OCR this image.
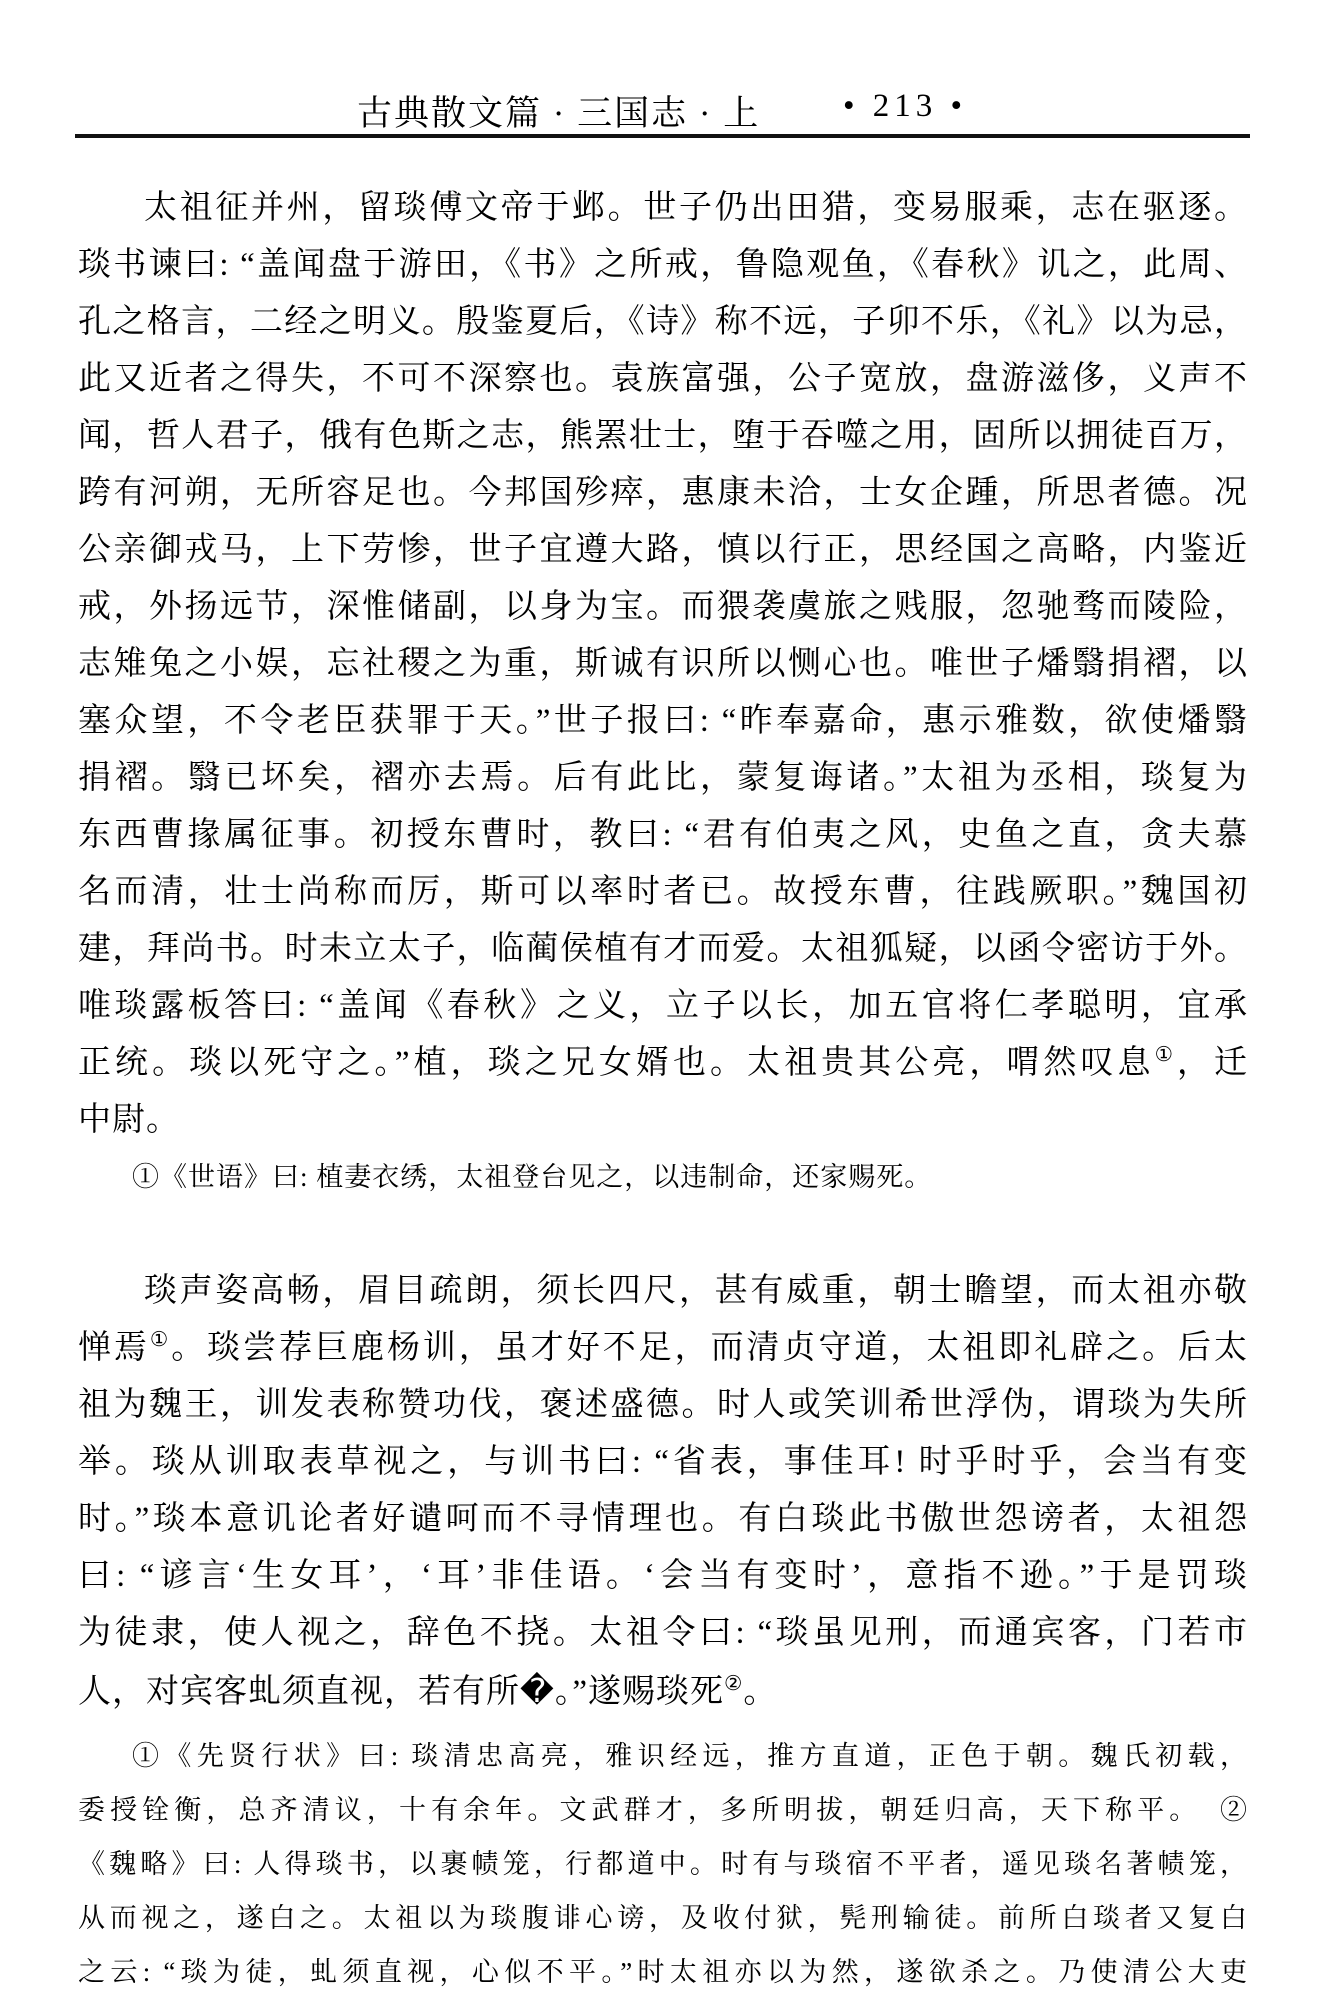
古典散文篇 · 三国志 · 上	• 213 •

太祖征并州，留琰傅文帝于邺。世子仍出田猎，变易服乘，志在驱逐。

琰书谏曰: “盖闻盘于游田，《书》之所戒，鲁隐观鱼，《春秋》讥之，此周、

孔之格言，二经之明义。殷鉴夏后，《诗》称不远，子卯不乐，《礼》以为忌，

此又近者之得失，不可不深察也。袁族富强，公子宽放，盘游滋侈，义声不

闻，哲人君子，俄有色斯之志，熊罴壮士，堕于吞噬之用，固所以拥徒百万，

跨有河朔，无所容足也。今邦国殄瘁，惠康未洽，士女企踵，所思者德。况

公亲御戎马，上下劳惨，世子宜遵大路，慎以行正，思经国之高略，内鉴近

戒，外扬远节，深惟储副，以身为宝。而猥袭虞旅之贱服，忽驰骛而陵险，

志雉兔之小娱，忘社稷之为重，斯诚有识所以恻心也。唯世子燔翳捐褶，以

塞众望，不令老臣获罪于天。”世子报曰: “昨奉嘉命，惠示雅数，欲使燔翳

捐褶。翳已坏矣，褶亦去焉。后有此比，蒙复诲诸。”太祖为丞相，琰复为

东西曹掾属征事。初授东曹时，教曰: “君有伯夷之风，史鱼之直，贪夫慕

名而清，壮士尚称而厉，斯可以率时者已。故授东曹，往践厥职。”魏国初

建，拜尚书。时未立太子，临蔺侯植有才而爱。太祖狐疑，以函令密访于外。

唯琰露板答曰: “盖闻《春秋》之义，立子以长，加五官将仁孝聪明，宜承

正统。琰以死守之。”植，琰之兄女婿也。太祖贵其公亮，喟然叹息①，迁

中尉。

①《世语》曰: 植妻衣绣，太祖登台见之，以违制命，还家赐死。

琰声姿高畅，眉目疏朗，须长四尺，甚有威重，朝士瞻望，而太祖亦敬

惮焉①。琰尝荐巨鹿杨训，虽才好不足，而清贞守道，太祖即礼辟之。后太

祖为魏王，训发表称赞功伐，褒述盛德。时人或笑训希世浮伪，谓琰为失所

举。琰从训取表草视之，与训书曰: “省表，事佳耳! 时乎时乎，会当有变

时。”琰本意讥论者好谴呵而不寻情理也。有白琰此书傲世怨谤者，太祖怨

曰: “谚言‘生女耳’，‘耳’非佳语。‘会当有变时’，意指不逊。”于是罚琰

为徒隶，使人视之，辞色不挠。太祖令曰: “琰虽见刑，而通宾客，门若市

人，对宾客虬须直视，若有所�。”遂赐琰死②。

①《先贤行状》曰: 琰清忠高亮，雅识经远，推方直道，正色于朝。魏氏初载，

委授铨衡，总齐清议，十有余年。文武群才，多所明拔，朝廷归高，天下称平。　②

《魏略》曰: 人得琰书，以裹帻笼，行都道中。时有与琰宿不平者，遥见琰名著帻笼，

从而视之，遂白之。太祖以为琰腹诽心谤，及收付狱，髡刑输徒。前所白琰者又复白

之云: “琰为徒，虬须直视，心似不平。”时太祖亦以为然，遂欲杀之。乃使清公大吏
